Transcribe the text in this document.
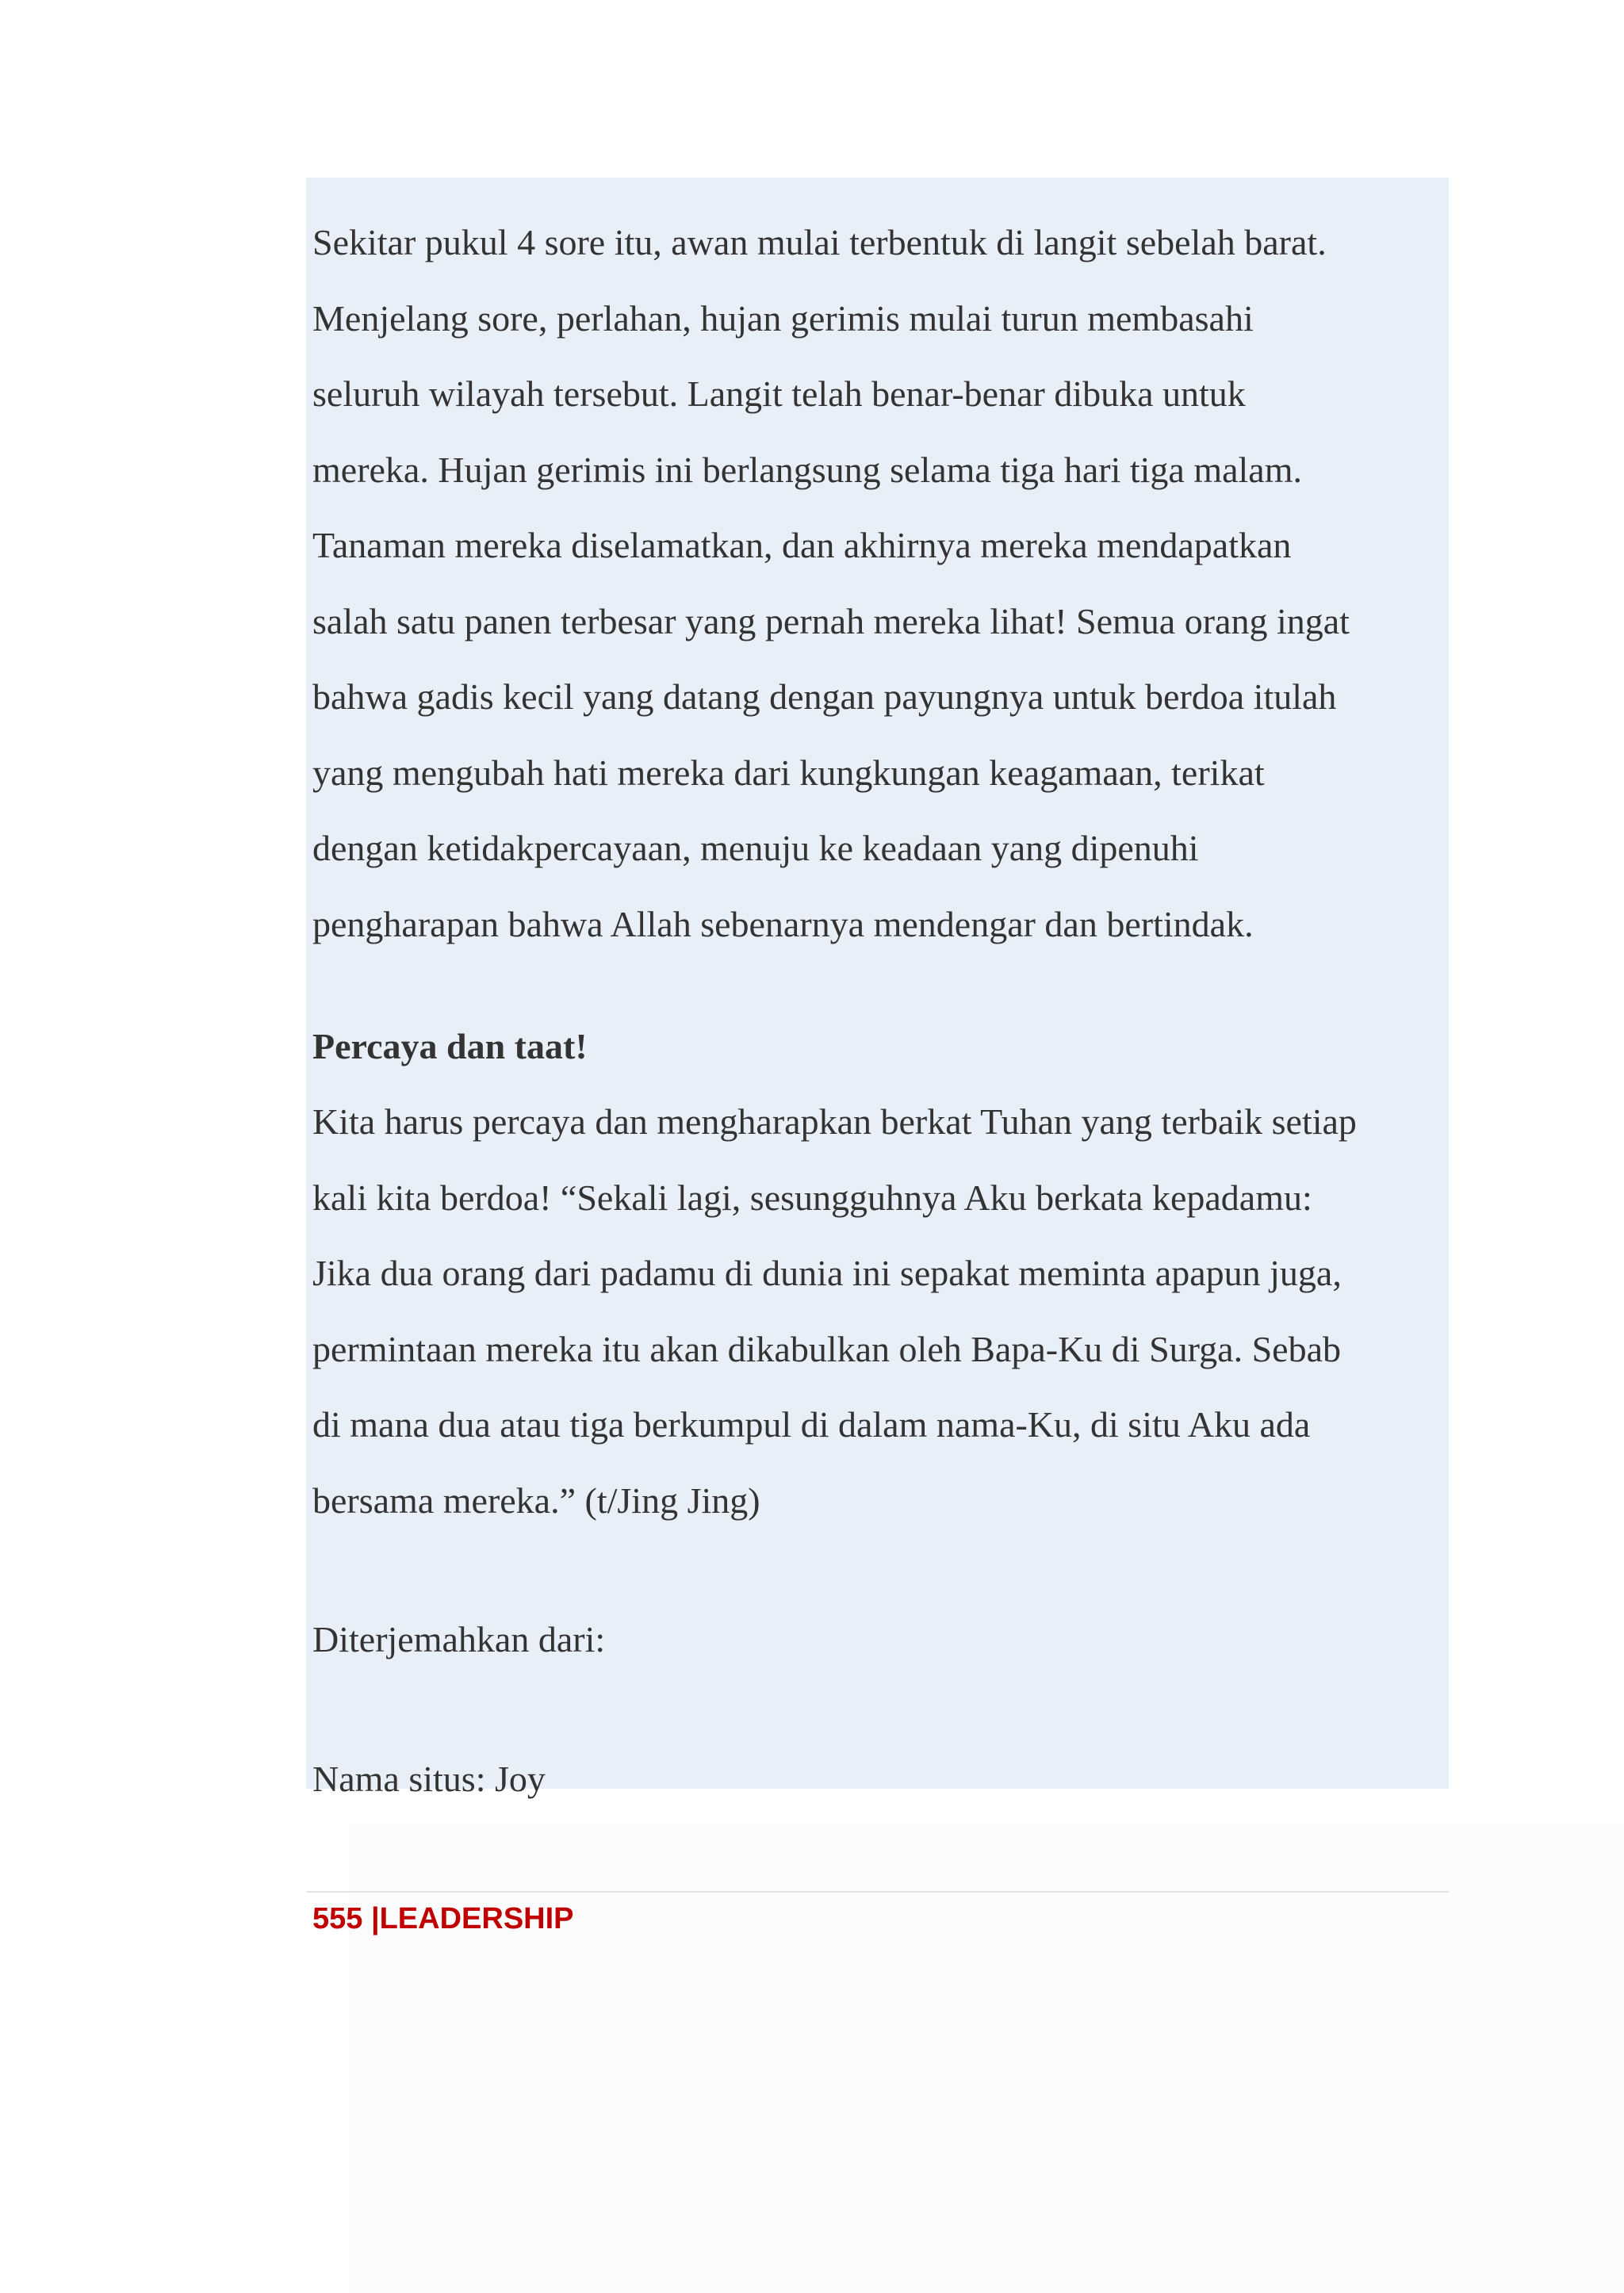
Sekitar pukul 4 sore itu, awan mulai terbentuk di langit sebelah barat.
Menjelang sore, perlahan, hujan gerimis mulai turun membasahi
seluruh wilayah tersebut. Langit telah benar-benar dibuka untuk
mereka. Hujan gerimis ini berlangsung selama tiga hari tiga malam.
Tanaman mereka diselamatkan, dan akhirnya mereka mendapatkan
salah satu panen terbesar yang pernah mereka lihat! Semua orang ingat
bahwa gadis kecil yang datang dengan payungnya untuk berdoa itulah
yang mengubah hati mereka dari kungkungan keagamaan, terikat
dengan ketidakpercayaan, menuju ke keadaan yang dipenuhi
pengharapan bahwa Allah sebenarnya mendengar dan bertindak.
Percaya dan taat!
Kita harus percaya dan mengharapkan berkat Tuhan yang terbaik setiap
kali kita berdoa! “Sekali lagi, sesungguhnya Aku berkata kepadamu:
Jika dua orang dari padamu di dunia ini sepakat meminta apapun juga,
permintaan mereka itu akan dikabulkan oleh Bapa-Ku di Surga. Sebab
di mana dua atau tiga berkumpul di dalam nama-Ku, di situ Aku ada
bersama mereka.” (t/Jing Jing)
Diterjemahkan dari:
Nama situs: Joy
555 |LEADERSHIP
